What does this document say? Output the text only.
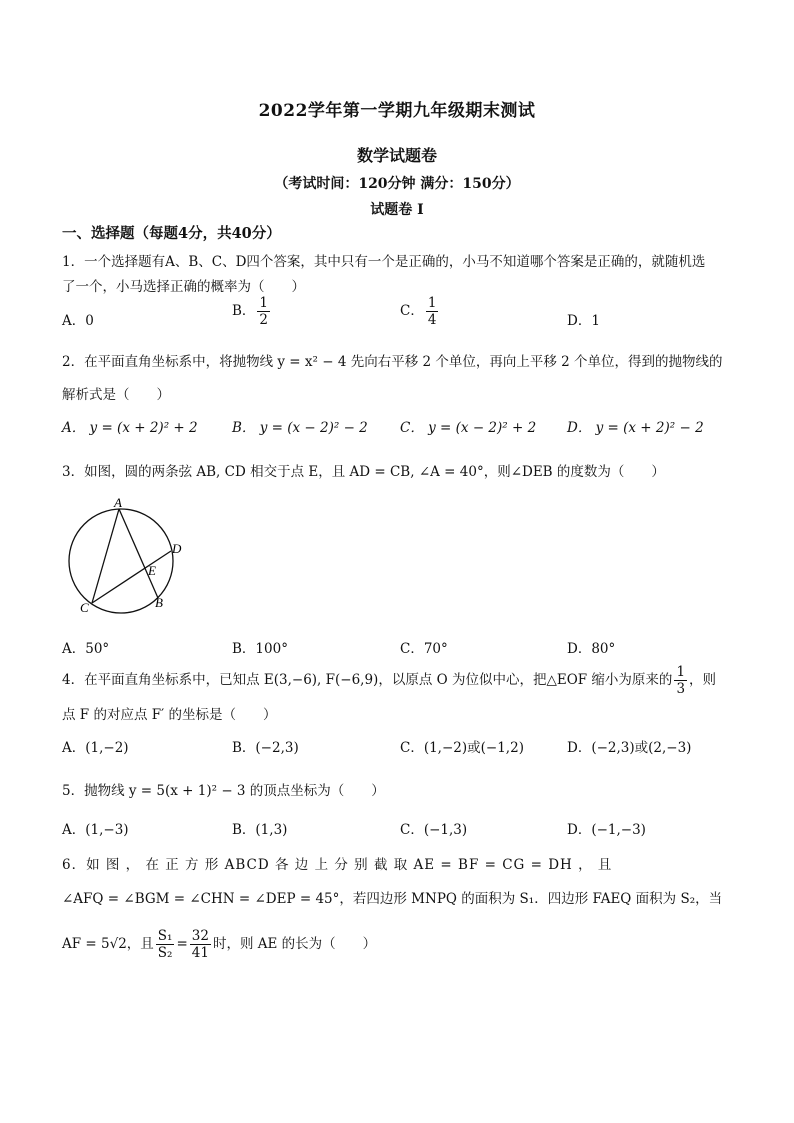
2022学年第一学期九年级期末测试
数学试题卷
（考试时间：120分钟 满分：150分）
试题卷 I
一、选择题（每题4分，共40分）
1．一个选择题有A、B、C、D四个答案，其中只有一个是正确的，小马不知道哪个答案是正确的，就随机选
了一个，小马选择正确的概率为（　　）
A．0
B． $\frac{1}{2}$	C． $\frac{1}{4}$	D．1
2．在平面直角坐标系中，将抛物线 y = x² − 4 先向右平移 2 个单位，再向上平移 2 个单位，得到的抛物线的
解析式是（　　）
A． y = (x + 2)² + 2	B． y = (x − 2)² − 2 C． y = (x − 2)² + 2 D． y = (x + 2)² − 2
3．如图，圆的两条弦 AB, CD 相交于点 E，且 AD = CB, ∠A = 40°，则∠DEB 的度数为（　　）
A
D
E
C	B
A．50°	B．100°	C．70°	D．80°
4．在平面直角坐标系中，已知点 E(3,−6), F(−6,9)，以原点 O 为位似中心，把△EOF 缩小为原来的 $\frac{1}{3}$ ，则
点 F 的对应点 F′ 的坐标是（　　）
A．(1,−2)	B．(−2,3)	C．(1,−2)或(−1,2)	D．(−2,3)或(2,−3)
5．抛物线 y = 5(x + 1)² − 3 的顶点坐标为（　　）
A．(1,−3)	B．(1,3)	C．(−1,3)	D．(−1,−3)
6．如 图 ， 在 正 方 形 ABCD 各 边 上 分 别 截 取 AE = BF = CG = DH ， 且
∠AFQ = ∠BGM = ∠CHN = ∠DEP = 45°，若四边形 MNPQ 的面积为 S₁．四边形 FAEQ 面积为 S₂，当
AF = 5√2，且 $\frac{\text{S₁}}{\text{S₂}} = \frac{32}{41}$ 时，则 AE 的长为（　　）
